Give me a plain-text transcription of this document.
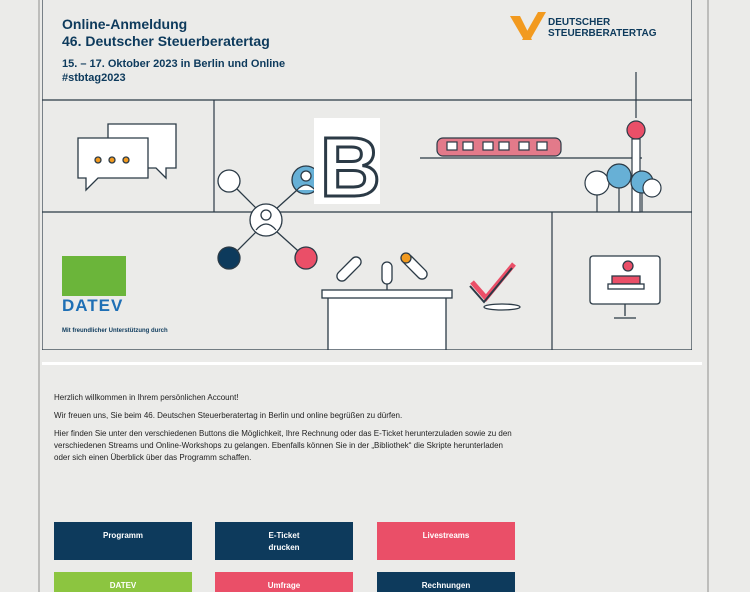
B
Online-Anmeldung
46. Deutscher Steuerberatertag
15. – 17. Oktober 2023 in Berlin und Online
#stbtag2023
DEUTSCHER
STEUERBERATERTAG
DATEV
Mit freundlicher Unterstützung durch

Herzlich willkommen in Ihrem persönlichen Account!

Wir freuen uns, Sie beim 46. Deutschen Steuerberatertag in Berlin und online begrüßen zu dürfen.

Hier finden Sie unter den verschiedenen Buttons die Möglichkeit, Ihre Rechnung oder das E-Ticket herunterzuladen sowie zu den
verschiedenen Streams und Online-Workshops zu gelangen. Ebenfalls können Sie in der „Bibliothek“ die Skripte herunterladen
oder sich einen Überblick über das Programm schaffen.
Programm	E-Ticket
drucken
Livestreams
DATEV	Umfrage	Rechnungen
